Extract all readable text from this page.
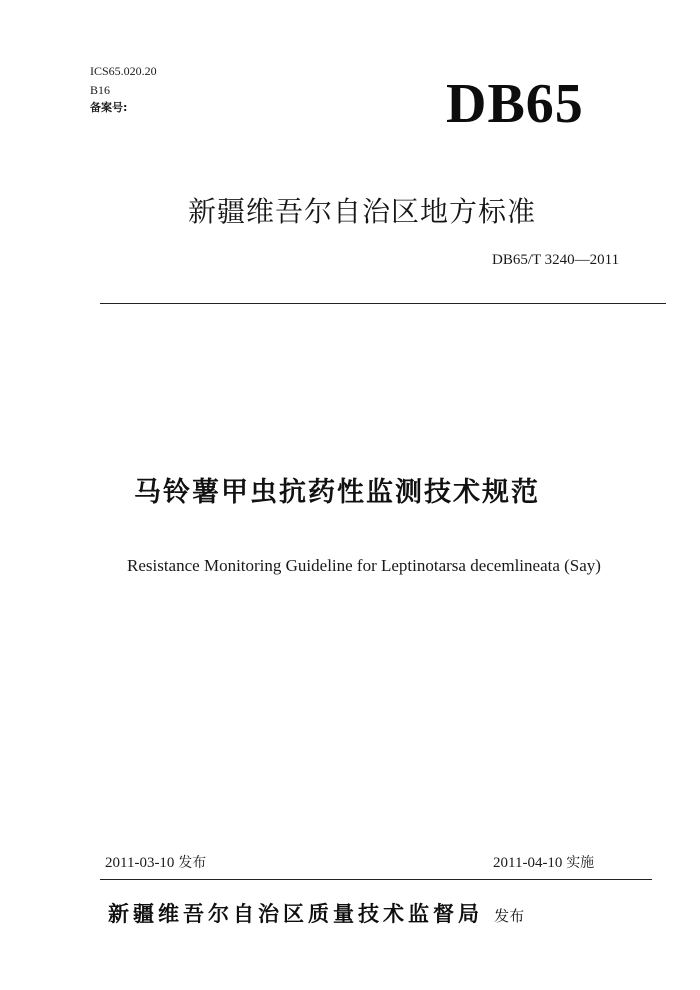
ICS65.020.20
B16
备案号:	DB65
新疆维吾尔自治区地方标准
DB65/T 3240—2011
马铃薯甲虫抗药性监测技术规范
Resistance Monitoring Guideline for Leptinotarsa decemlineata (Say)
2011-03-10 发布	2011-04-10 实施
新疆维吾尔自治区质量技术监督局 发布
